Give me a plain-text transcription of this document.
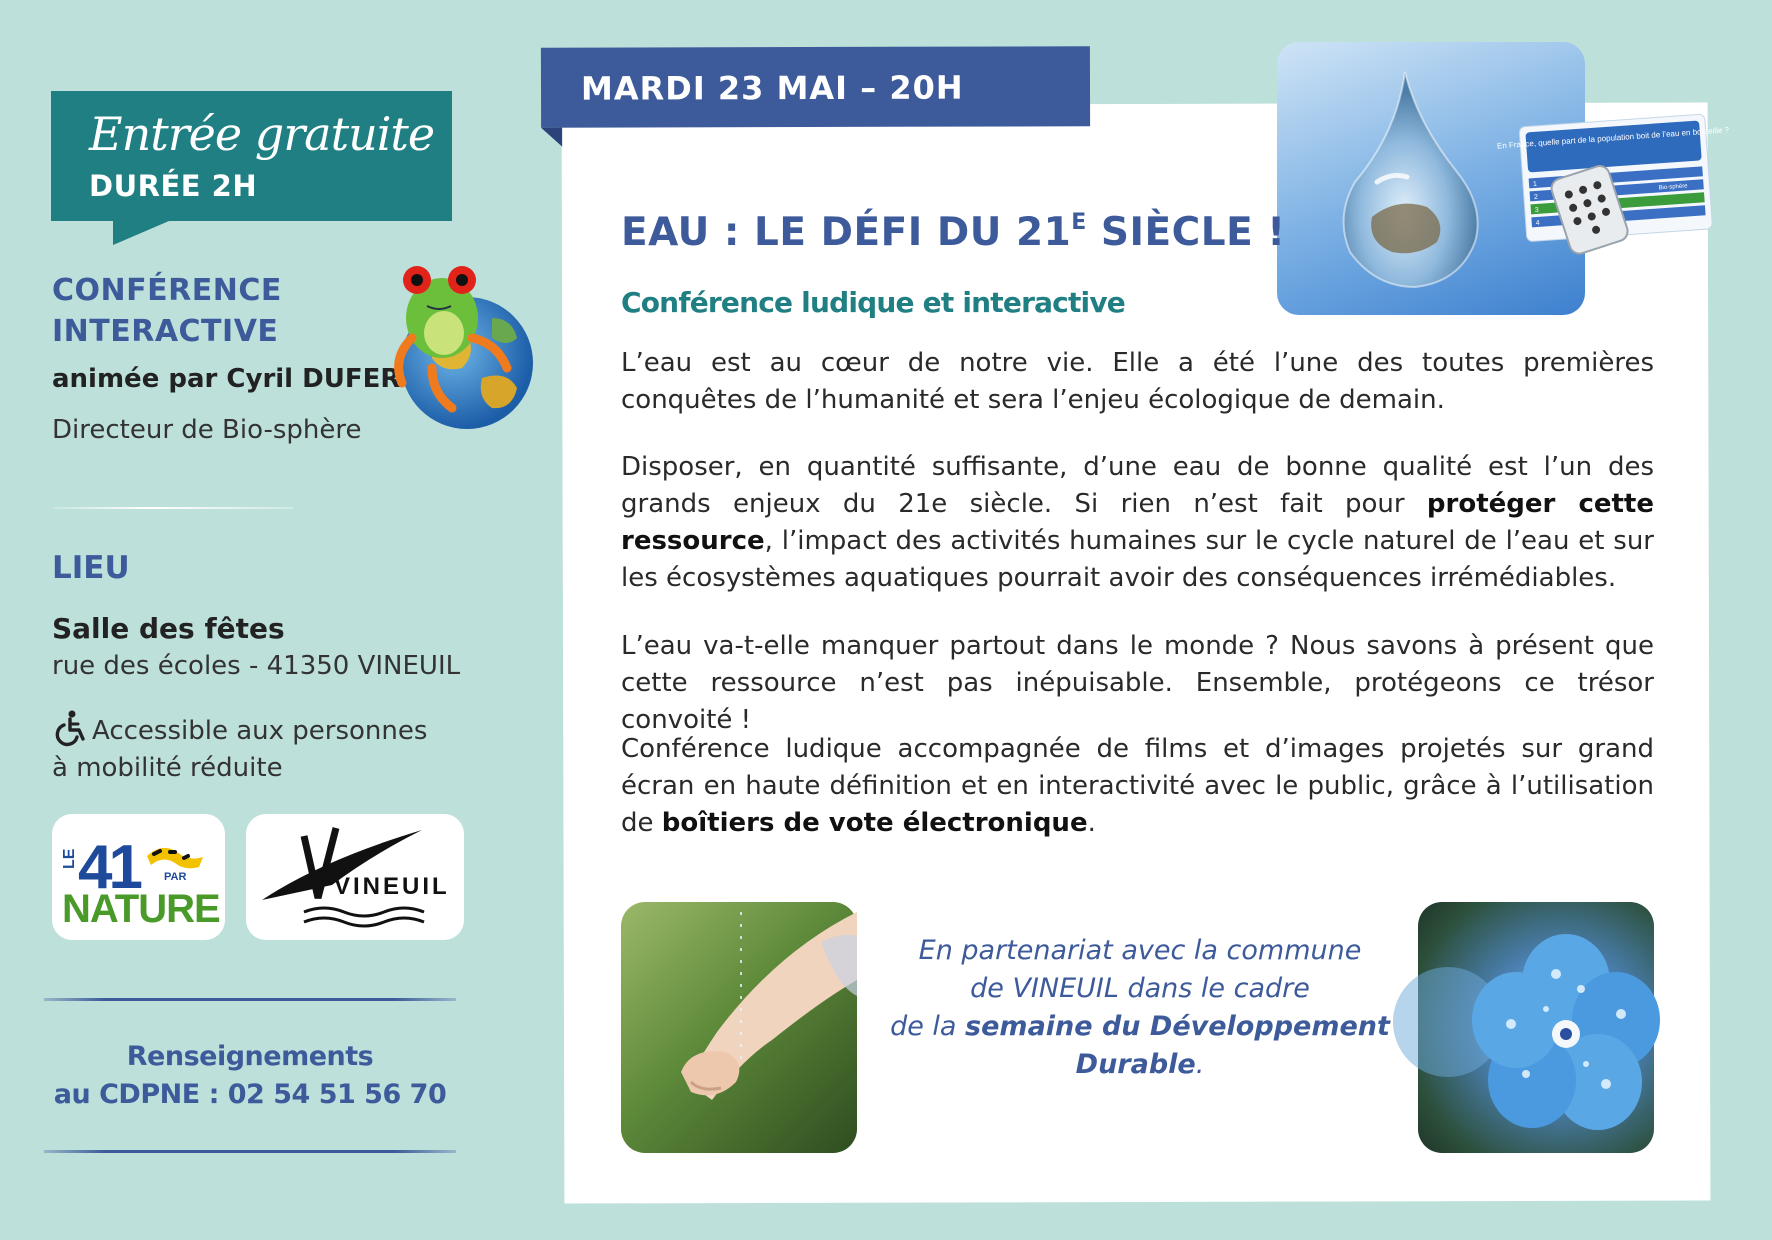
Entrée gratuite
DURÉE 2H
CONFÉRENCE
INTERACTIVE
animée par Cyril DUFER
Directeur de Bio-sphère
LIEU
Salle des fêtes
rue des écoles - 41350 VINEUIL
Accessible aux personnes
à mobilité réduite
LE 41 PAR
NATURE
VINEUIL
Renseignements
au CDPNE : 02 54 51 56 70
MARDI 23 MAI – 20H
En France, quelle part de la population boit de l’eau en bouteille ?
1
2
3
4
Bio-sphère
EAU : LE DÉFI DU $21^E$ SIÈCLE !
Conférence ludique et interactive
L’eau est au cœur de notre vie. Elle a été l’une des toutes premières conquêtes de l’humanité et sera l’enjeu écologique de demain.
Disposer, en quantité suffisante, d’une eau de bonne qualité est l’un des grands enjeux du 21e siècle. Si rien n’est fait pour protéger cette ressource, l’impact des activités humaines sur le cycle naturel de l’eau et sur les écosystèmes aquatiques pourrait avoir des conséquences irrémédiables.
L’eau va-t-elle manquer partout dans le monde ? Nous savons à présent que cette ressource n’est pas inépuisable. Ensemble, protégeons ce trésor convoité !
Conférence ludique accompagnée de films et d’images projetés sur grand écran en haute définition et en interactivité avec le public, grâce à l’utilisation de boîtiers de vote électronique.
En partenariat avec la commune
de VINEUIL dans le cadre
de la semaine du Développement
Durable.
